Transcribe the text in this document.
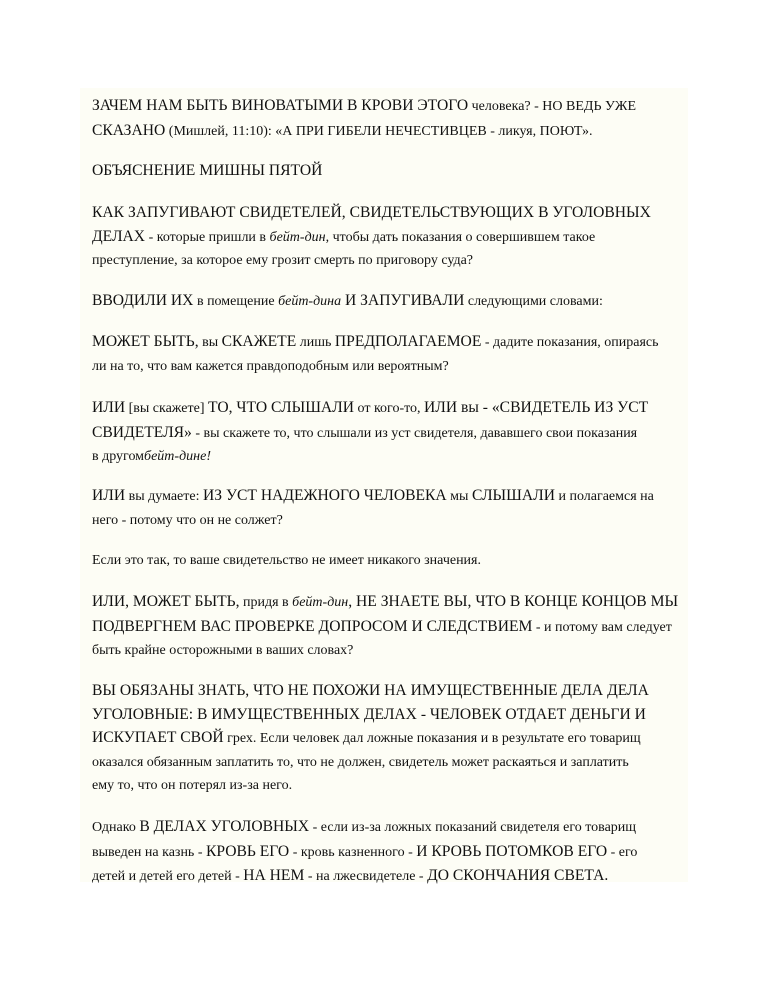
ЗАЧЕМ НАМ БЫТЬ ВИНОВАТЫМИ В КРОВИ ЭТОГО человека? - НО ВЕДЬ УЖЕ
СКАЗАНО (Мишлей, 11:10): «А ПРИ ГИБЕЛИ НЕЧЕСТИВЦЕВ - ликуя, ПОЮТ».
ОБЪЯСНЕНИЕ МИШНЫ ПЯТОЙ
КАК ЗАПУГИВАЮТ СВИДЕТЕЛЕЙ, СВИДЕТЕЛЬСТВУЮЩИХ В УГОЛОВНЫХ
ДЕЛАХ - которые пришли в бейт-дин, чтобы дать показания о совершившем такое
преступление, за которое ему грозит смерть по приговору суда?
ВВОДИЛИ ИХ в помещение бейт-дина И ЗАПУГИВАЛИ следующими словами:
МОЖЕТ БЫТЬ, вы СКАЖЕТЕ лишь ПРЕДПОЛАГАЕМОЕ - дадите показания, опираясь
ли на то, что вам кажется правдоподобным или вероятным?
ИЛИ [вы скажете] ТО, ЧТО СЛЫШАЛИ от кого-то, ИЛИ вы - «СВИДЕТЕЛЬ ИЗ УСТ
СВИДЕТЕЛЯ» - вы скажете то, что слышали из уст свидетеля, дававшего свои показания
в другомбейт-дине!
ИЛИ вы думаете: ИЗ УСТ НАДЕЖНОГО ЧЕЛОВЕКА мы СЛЫШАЛИ и полагаемся на
него - потому что он не солжет?
Если это так, то ваше свидетельство не имеет никакого значения.
ИЛИ, МОЖЕТ БЫТЬ, придя в бейт-дин, НЕ ЗНАЕТЕ ВЫ, ЧТО В КОНЦЕ КОНЦОВ МЫ
ПОДВЕРГНЕМ ВАС ПРОВЕРКЕ ДОПРОСОМ И СЛЕДСТВИЕМ - и потому вам следует
быть крайне осторожными в ваших словах?
ВЫ ОБЯЗАНЫ ЗНАТЬ, ЧТО НЕ ПОХОЖИ НА ИМУЩЕСТВЕННЫЕ ДЕЛА ДЕЛА
УГОЛОВНЫЕ: В ИМУЩЕСТВЕННЫХ ДЕЛАХ - ЧЕЛОВЕК ОТДАЕТ ДЕНЬГИ И
ИСКУПАЕТ СВОЙ грех. Если человек дал ложные показания и в результате его товарищ
оказался обязанным заплатить то, что не должен, свидетель может раскаяться и заплатить
ему то, что он потерял из-за него.
Однако В ДЕЛАХ УГОЛОВНЫХ - если из-за ложных показаний свидетеля его товарищ
выведен на казнь - КРОВЬ ЕГО - кровь казненного - И КРОВЬ ПОТОМКОВ ЕГО - его
детей и детей его детей - НА НЕМ - на лжесвидетеле - ДО СКОНЧАНИЯ СВЕТА.
